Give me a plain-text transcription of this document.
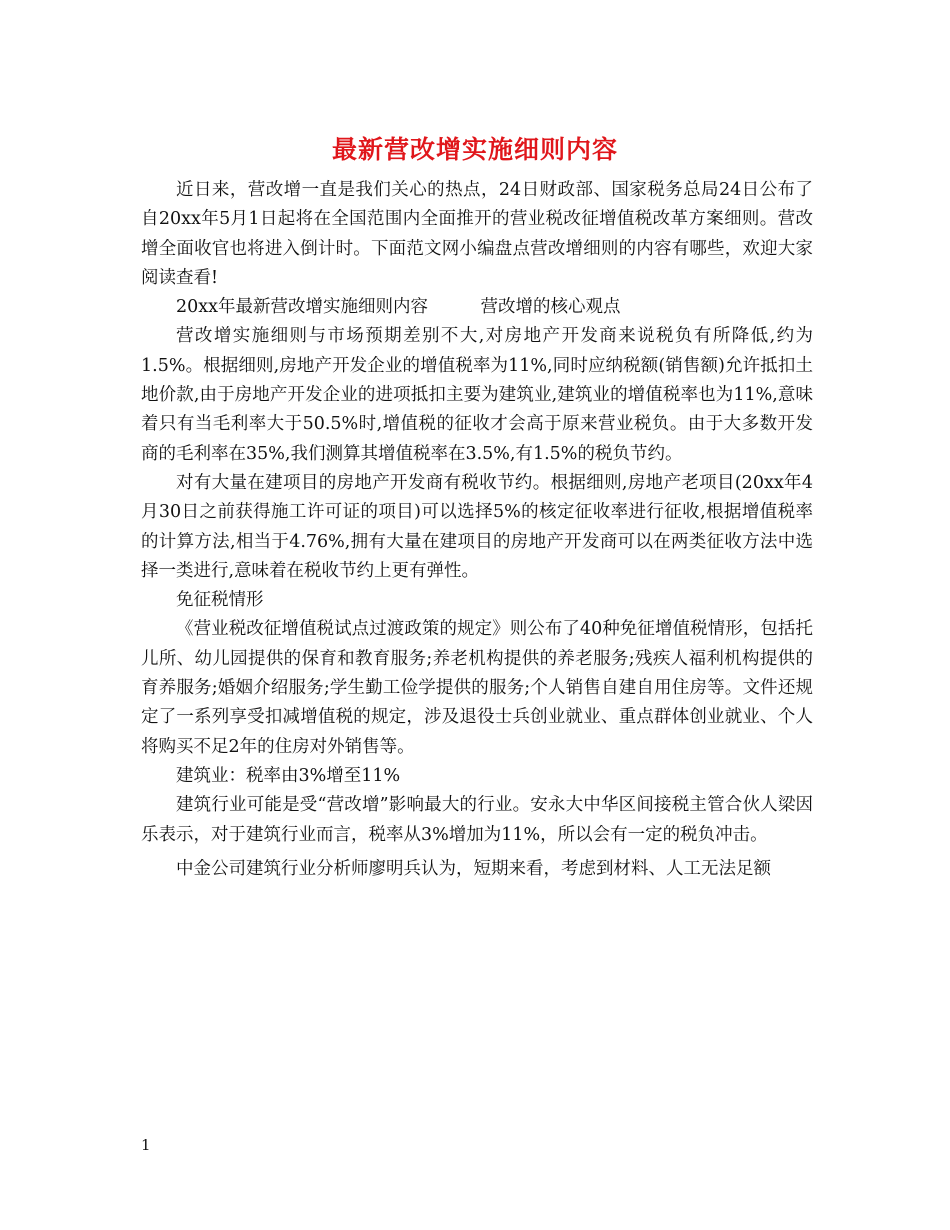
最新营改增实施细则内容

近日来，营改增一直是我们关心的热点，24日财政部、国家税务总局24日公布了自20xx年5月1日起将在全国范围内全面推开的营业税改征增值税改革方案细则。营改增全面收官也将进入倒计时。下面范文网小编盘点营改增细则的内容有哪些，欢迎大家阅读查看!

20xx年最新营改增实施细则内容　　　营改增的核心观点

营改增实施细则与市场预期差别不大,对房地产开发商来说税负有所降低,约为1.5%。根据细则,房地产开发企业的增值税率为11%,同时应纳税额(销售额)允许抵扣土地价款,由于房地产开发企业的进项抵扣主要为建筑业,建筑业的增值税率也为11%,意味着只有当毛利率大于50.5%时,增值税的征收才会高于原来营业税负。由于大多数开发商的毛利率在35%,我们测算其增值税率在3.5%,有1.5%的税负节约。

对有大量在建项目的房地产开发商有税收节约。根据细则,房地产老项目(20xx年4月30日之前获得施工许可证的项目)可以选择5%的核定征收率进行征收,根据增值税率的计算方法,相当于4.76%,拥有大量在建项目的房地产开发商可以在两类征收方法中选择一类进行,意味着在税收节约上更有弹性。

免征税情形

《营业税改征增值税试点过渡政策的规定》则公布了40种免征增值税情形，包括托儿所、幼儿园提供的保育和教育服务;养老机构提供的养老服务;残疾人福利机构提供的育养服务;婚姻介绍服务;学生勤工俭学提供的服务;个人销售自建自用住房等。文件还规定了一系列享受扣减增值税的规定，涉及退役士兵创业就业、重点群体创业就业、个人将购买不足2年的住房对外销售等。

建筑业：税率由3%增至11%

建筑行业可能是受“营改增”影响最大的行业。安永大中华区间接税主管合伙人梁因乐表示，对于建筑行业而言，税率从3%增加为11%，所以会有一定的税负冲击。

中金公司建筑行业分析师廖明兵认为，短期来看，考虑到材料、人工无法足额

1
